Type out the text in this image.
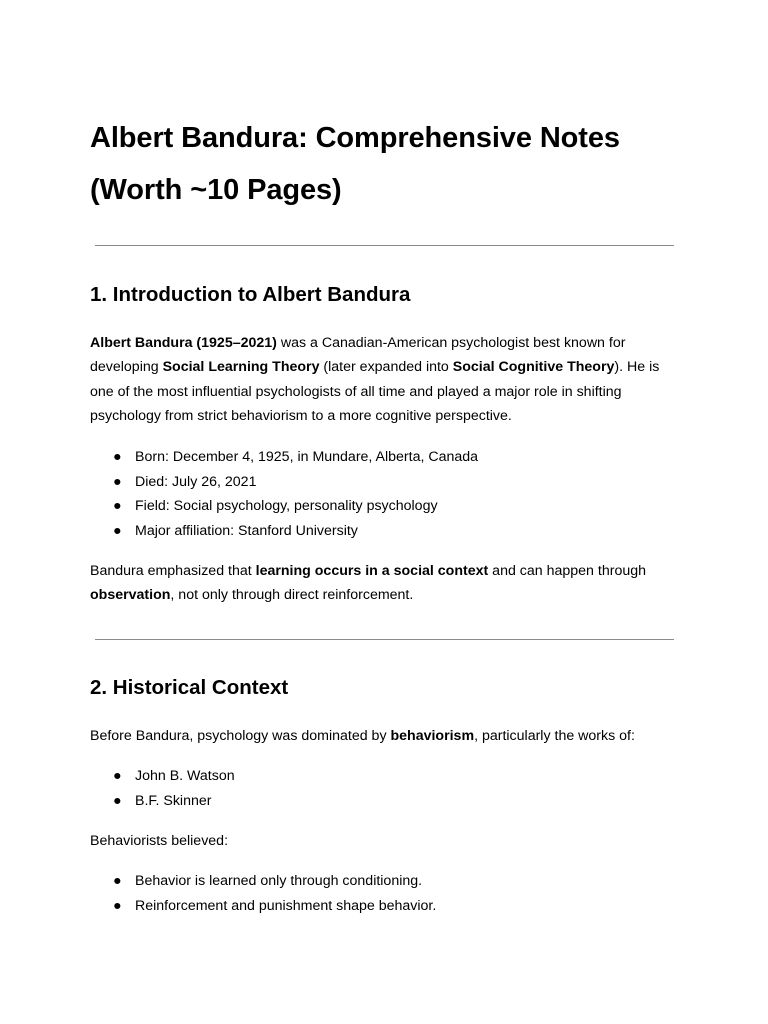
Albert Bandura: Comprehensive Notes (Worth ~10 Pages)
1. Introduction to Albert Bandura

Albert Bandura (1925–2021) was a Canadian-American psychologist best known for developing Social Learning Theory (later expanded into Social Cognitive Theory). He is one of the most influential psychologists of all time and played a major role in shifting psychology from strict behaviorism to a more cognitive perspective.

● Born: December 4, 1925, in Mundare, Alberta, Canada
● Died: July 26, 2021
● Field: Social psychology, personality psychology
● Major affiliation: Stanford University

Bandura emphasized that learning occurs in a social context and can happen through observation, not only through direct reinforcement.

2. Historical Context

Before Bandura, psychology was dominated by behaviorism, particularly the works of:

● John B. Watson
● B.F. Skinner

Behaviorists believed:

● Behavior is learned only through conditioning.
● Reinforcement and punishment shape behavior.
